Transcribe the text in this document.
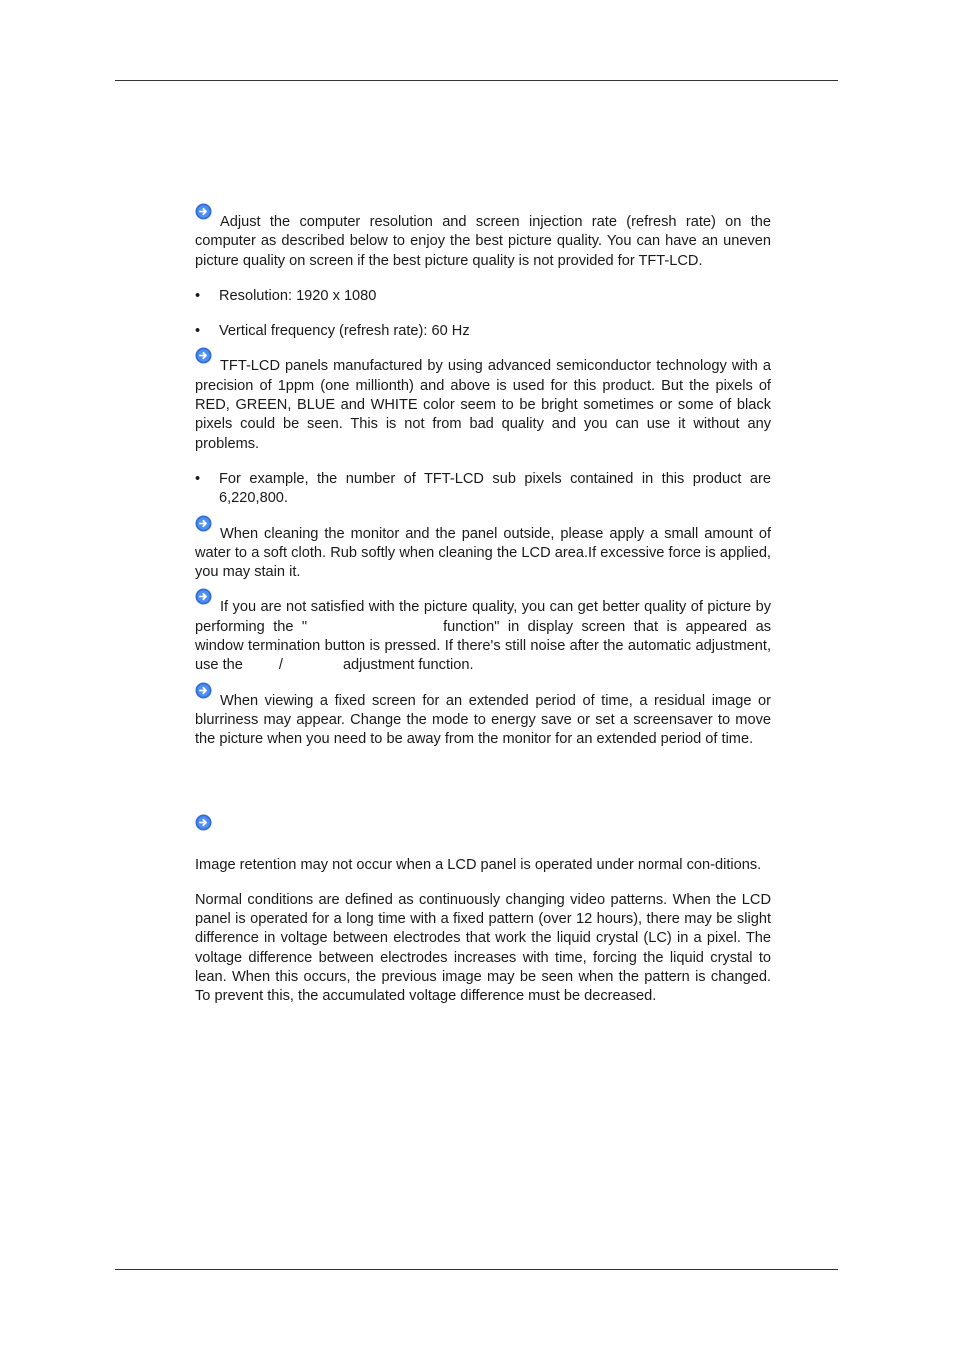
Adjust the computer resolution and screen injection rate (refresh rate) on the computer as described below to enjoy the best picture quality. You can have an uneven picture quality on screen if the best picture quality is not provided for TFT-LCD.

•	Resolution: 1920 x 1080
•	Vertical frequency (refresh rate): 60 Hz

TFT-LCD panels manufactured by using advanced semiconductor technology with a precision of 1ppm (one millionth) and above is used for this product. But the pixels of RED, GREEN, BLUE and WHITE color seem to be bright sometimes or some of black pixels could be seen. This is not from bad quality and you can use it without any problems.

•	For example, the number of TFT-LCD sub pixels contained in this product are 6,220,800.

When cleaning the monitor and the panel outside, please apply a small amount of water to a soft cloth. Rub softly when cleaning the LCD area.If excessive force is applied, you may stain it.

If you are not satisfied with the picture quality, you can get better quality of picture by performing the "	function" in display screen that is appeared as window termination button is pressed. If there's still noise after the automatic adjustment, use the /	adjustment function.

When viewing a fixed screen for an extended period of time, a residual image or blurriness may appear. Change the mode to energy save or set a screensaver to move the picture when you need to be away from the monitor for an extended period of time.

Image retention may not occur when a LCD panel is operated under normal con-ditions.

Normal conditions are defined as continuously changing video patterns. When the LCD panel is operated for a long time with a fixed pattern (over 12 hours), there may be slight difference in voltage between electrodes that work the liquid crystal (LC) in a pixel. The voltage difference between electrodes increases with time, forcing the liquid crystal to lean. When this occurs, the previous image may be seen when the pattern is changed. To prevent this, the accumulated voltage difference must be decreased.
